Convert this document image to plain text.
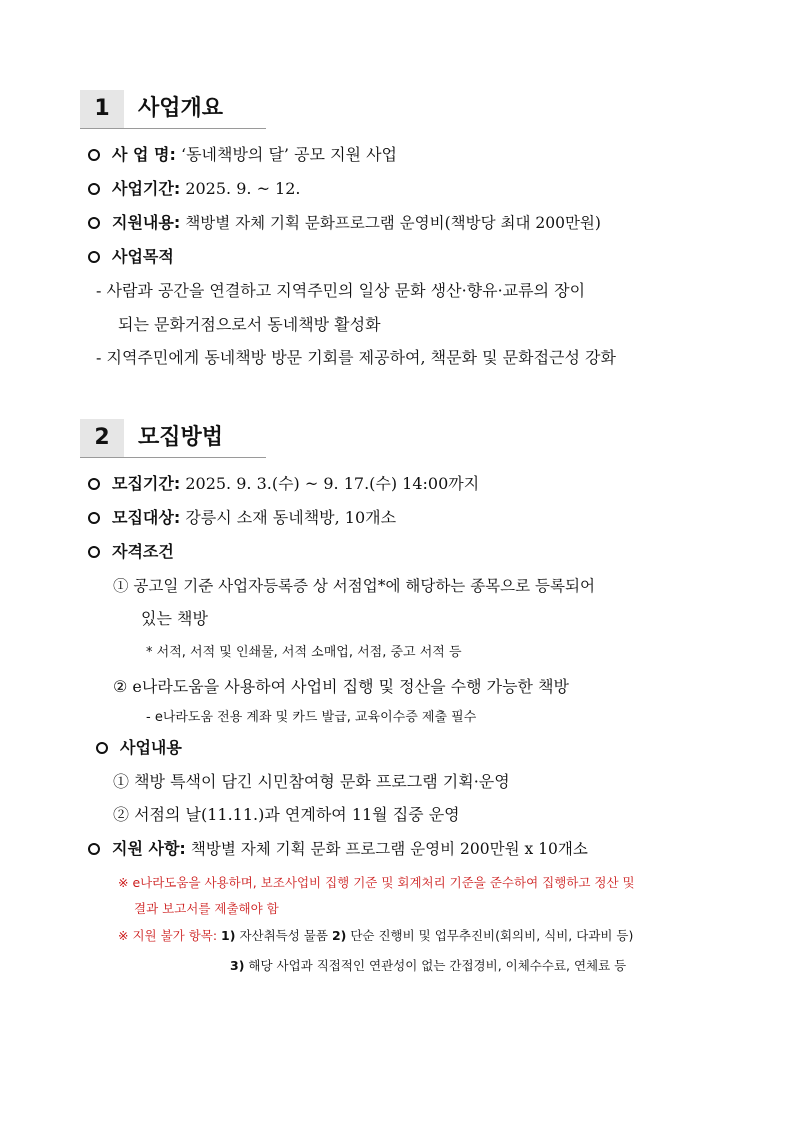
1	사업개요
사 업 명: ‘동네책방의 달’ 공모 지원 사업
사업기간: 2025. 9. ~ 12.
지원내용: 책방별 자체 기획 문화프로그램 운영비(책방당 최대 200만원)
사업목적
- 사람과 공간을 연결하고 지역주민의 일상 문화 생산·향유·교류의 장이
되는 문화거점으로서 동네책방 활성화
- 지역주민에게 동네책방 방문 기회를 제공하여, 책문화 및 문화접근성 강화
2	모집방법
모집기간: 2025. 9. 3.(수) ~ 9. 17.(수) 14:00까지
모집대상: 강릉시 소재 동네책방, 10개소
자격조건
① 공고일 기준 사업자등록증 상 서점업*에 해당하는 종목으로 등록되어
있는 책방
* 서적, 서적 및 인쇄물, 서적 소매업, 서점, 중고 서적 등
② e나라도움을 사용하여 사업비 집행 및 정산을 수행 가능한 책방
- e나라도움 전용 계좌 및 카드 발급, 교육이수증 제출 필수
사업내용
① 책방 특색이 담긴 시민참여형 문화 프로그램 기획·운영
② 서점의 날(11.11.)과 연계하여 11월 집중 운영
지원 사항: 책방별 자체 기획 문화 프로그램 운영비 200만원 x 10개소
※ e나라도움을 사용하며, 보조사업비 집행 기준 및 회계처리 기준을 준수하여 집행하고 정산 및
결과 보고서를 제출해야 함
※ 지원 불가 항목: 1) 자산취득성 물품 2) 단순 진행비 및 업무추진비(회의비, 식비, 다과비 등)
3) 해당 사업과 직접적인 연관성이 없는 간접경비, 이체수수료, 연체료 등
